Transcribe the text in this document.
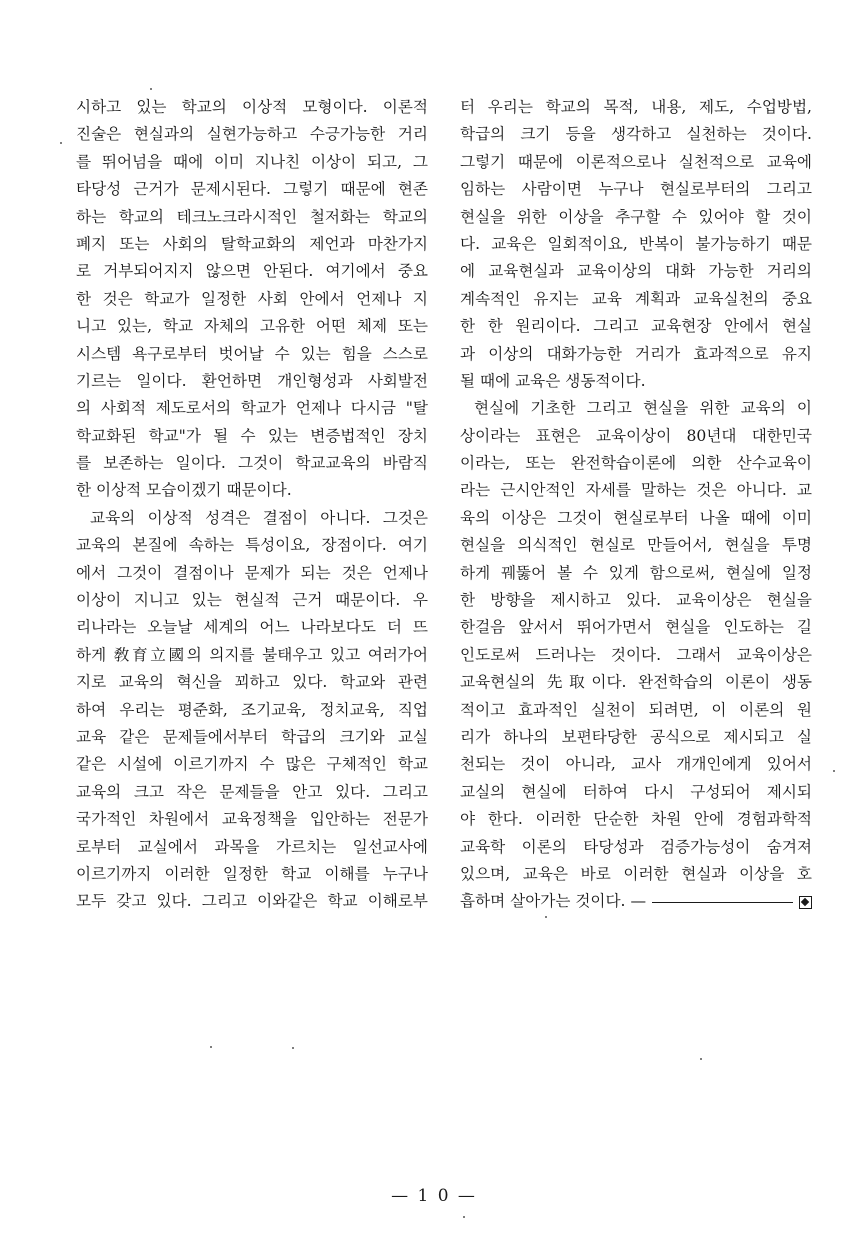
시하고 있는 학교의 이상적 모형이다. 이론적
진술은 현실과의 실현가능하고 수긍가능한 거리
를 뛰어넘을 때에 이미 지나친 이상이 되고, 그
타당성 근거가 문제시된다. 그렇기 때문에 현존
하는 학교의 테크노크라시적인 철저화는 학교의
폐지 또는 사회의 탈학교화의 제언과 마찬가지
로 거부되어지지 않으면 안된다. 여기에서 중요
한 것은 학교가 일정한 사회 안에서 언제나 지
니고 있는, 학교 자체의 고유한 어떤 체제 또는
시스템 욕구로부터 벗어날 수 있는 힘을 스스로
기르는 일이다. 환언하면 개인형성과 사회발전
의 사회적 제도로서의 학교가 언제나 다시금 "탈
학교화된 학교"가 될 수 있는 변증법적인 장치
를 보존하는 일이다. 그것이 학교교육의 바람직
한 이상적 모습이겠기 때문이다.
교육의 이상적 성격은 결점이 아니다. 그것은
교육의 본질에 속하는 특성이요, 장점이다. 여기
에서 그것이 결점이나 문제가 되는 것은 언제나
이상이 지니고 있는 현실적 근거 때문이다. 우
리나라는 오늘날 세계의 어느 나라보다도 더 뜨
하게 敎育立國의 의지를 불태우고 있고 여러가어
지로 교육의 혁신을 꾀하고 있다. 학교와 관련
하여 우리는 평준화, 조기교육, 정치교육, 직업
교육 같은 문제들에서부터 학급의 크기와 교실
같은 시설에 이르기까지 수 많은 구체적인 학교
교육의 크고 작은 문제들을 안고 있다. 그리고
국가적인 차원에서 교육정책을 입안하는 전문가
로부터 교실에서 과목을 가르치는 일선교사에
이르기까지 이러한 일정한 학교 이해를 누구나
모두 갖고 있다. 그리고 이와같은 학교 이해로부
터 우리는 학교의 목적, 내용, 제도, 수업방법,
학급의 크기 등을 생각하고 실천하는 것이다.
그렇기 때문에 이론적으로나 실천적으로 교육에
임하는 사람이면 누구나 현실로부터의 그리고
현실을 위한 이상을 추구할 수 있어야 할 것이
다. 교육은 일회적이요, 반복이 불가능하기 때문
에 교육현실과 교육이상의 대화 가능한 거리의
계속적인 유지는 교육 계획과 교육실천의 중요
한 한 원리이다. 그리고 교육현장 안에서 현실
과 이상의 대화가능한 거리가 효과적으로 유지
될 때에 교육은 생동적이다.
현실에 기초한 그리고 현실을 위한 교육의 이
상이라는 표현은 교육이상이 80년대 대한민국
이라는, 또는 완전학습이론에 의한 산수교육이
라는 근시안적인 자세를 말하는 것은 아니다. 교
육의 이상은 그것이 현실로부터 나올 때에 이미
현실을 의식적인 현실로 만들어서, 현실을 투명
하게 꿰뚫어 볼 수 있게 함으로써, 현실에 일정
한 방향을 제시하고 있다. 교육이상은 현실을
한걸음 앞서서 뛰어가면서 현실을 인도하는 길
인도로써 드러나는 것이다. 그래서 교육이상은
교육현실의 先取이다. 완전학습의 이론이 생동
적이고 효과적인 실천이 되려면, 이 이론의 원
리가 하나의 보편타당한 공식으로 제시되고 실
천되는 것이 아니라, 교사 개개인에게 있어서
교실의 현실에 터하여 다시 구성되어 제시되
야 한다. 이러한 단순한 차원 안에 경험과학적
교육학 이론의 타당성과 검증가능성이 숨겨져
있으며, 교육은 바로 이러한 현실과 이상을 호
흡하며 살아가는 것이다. —
— 1 0 —
